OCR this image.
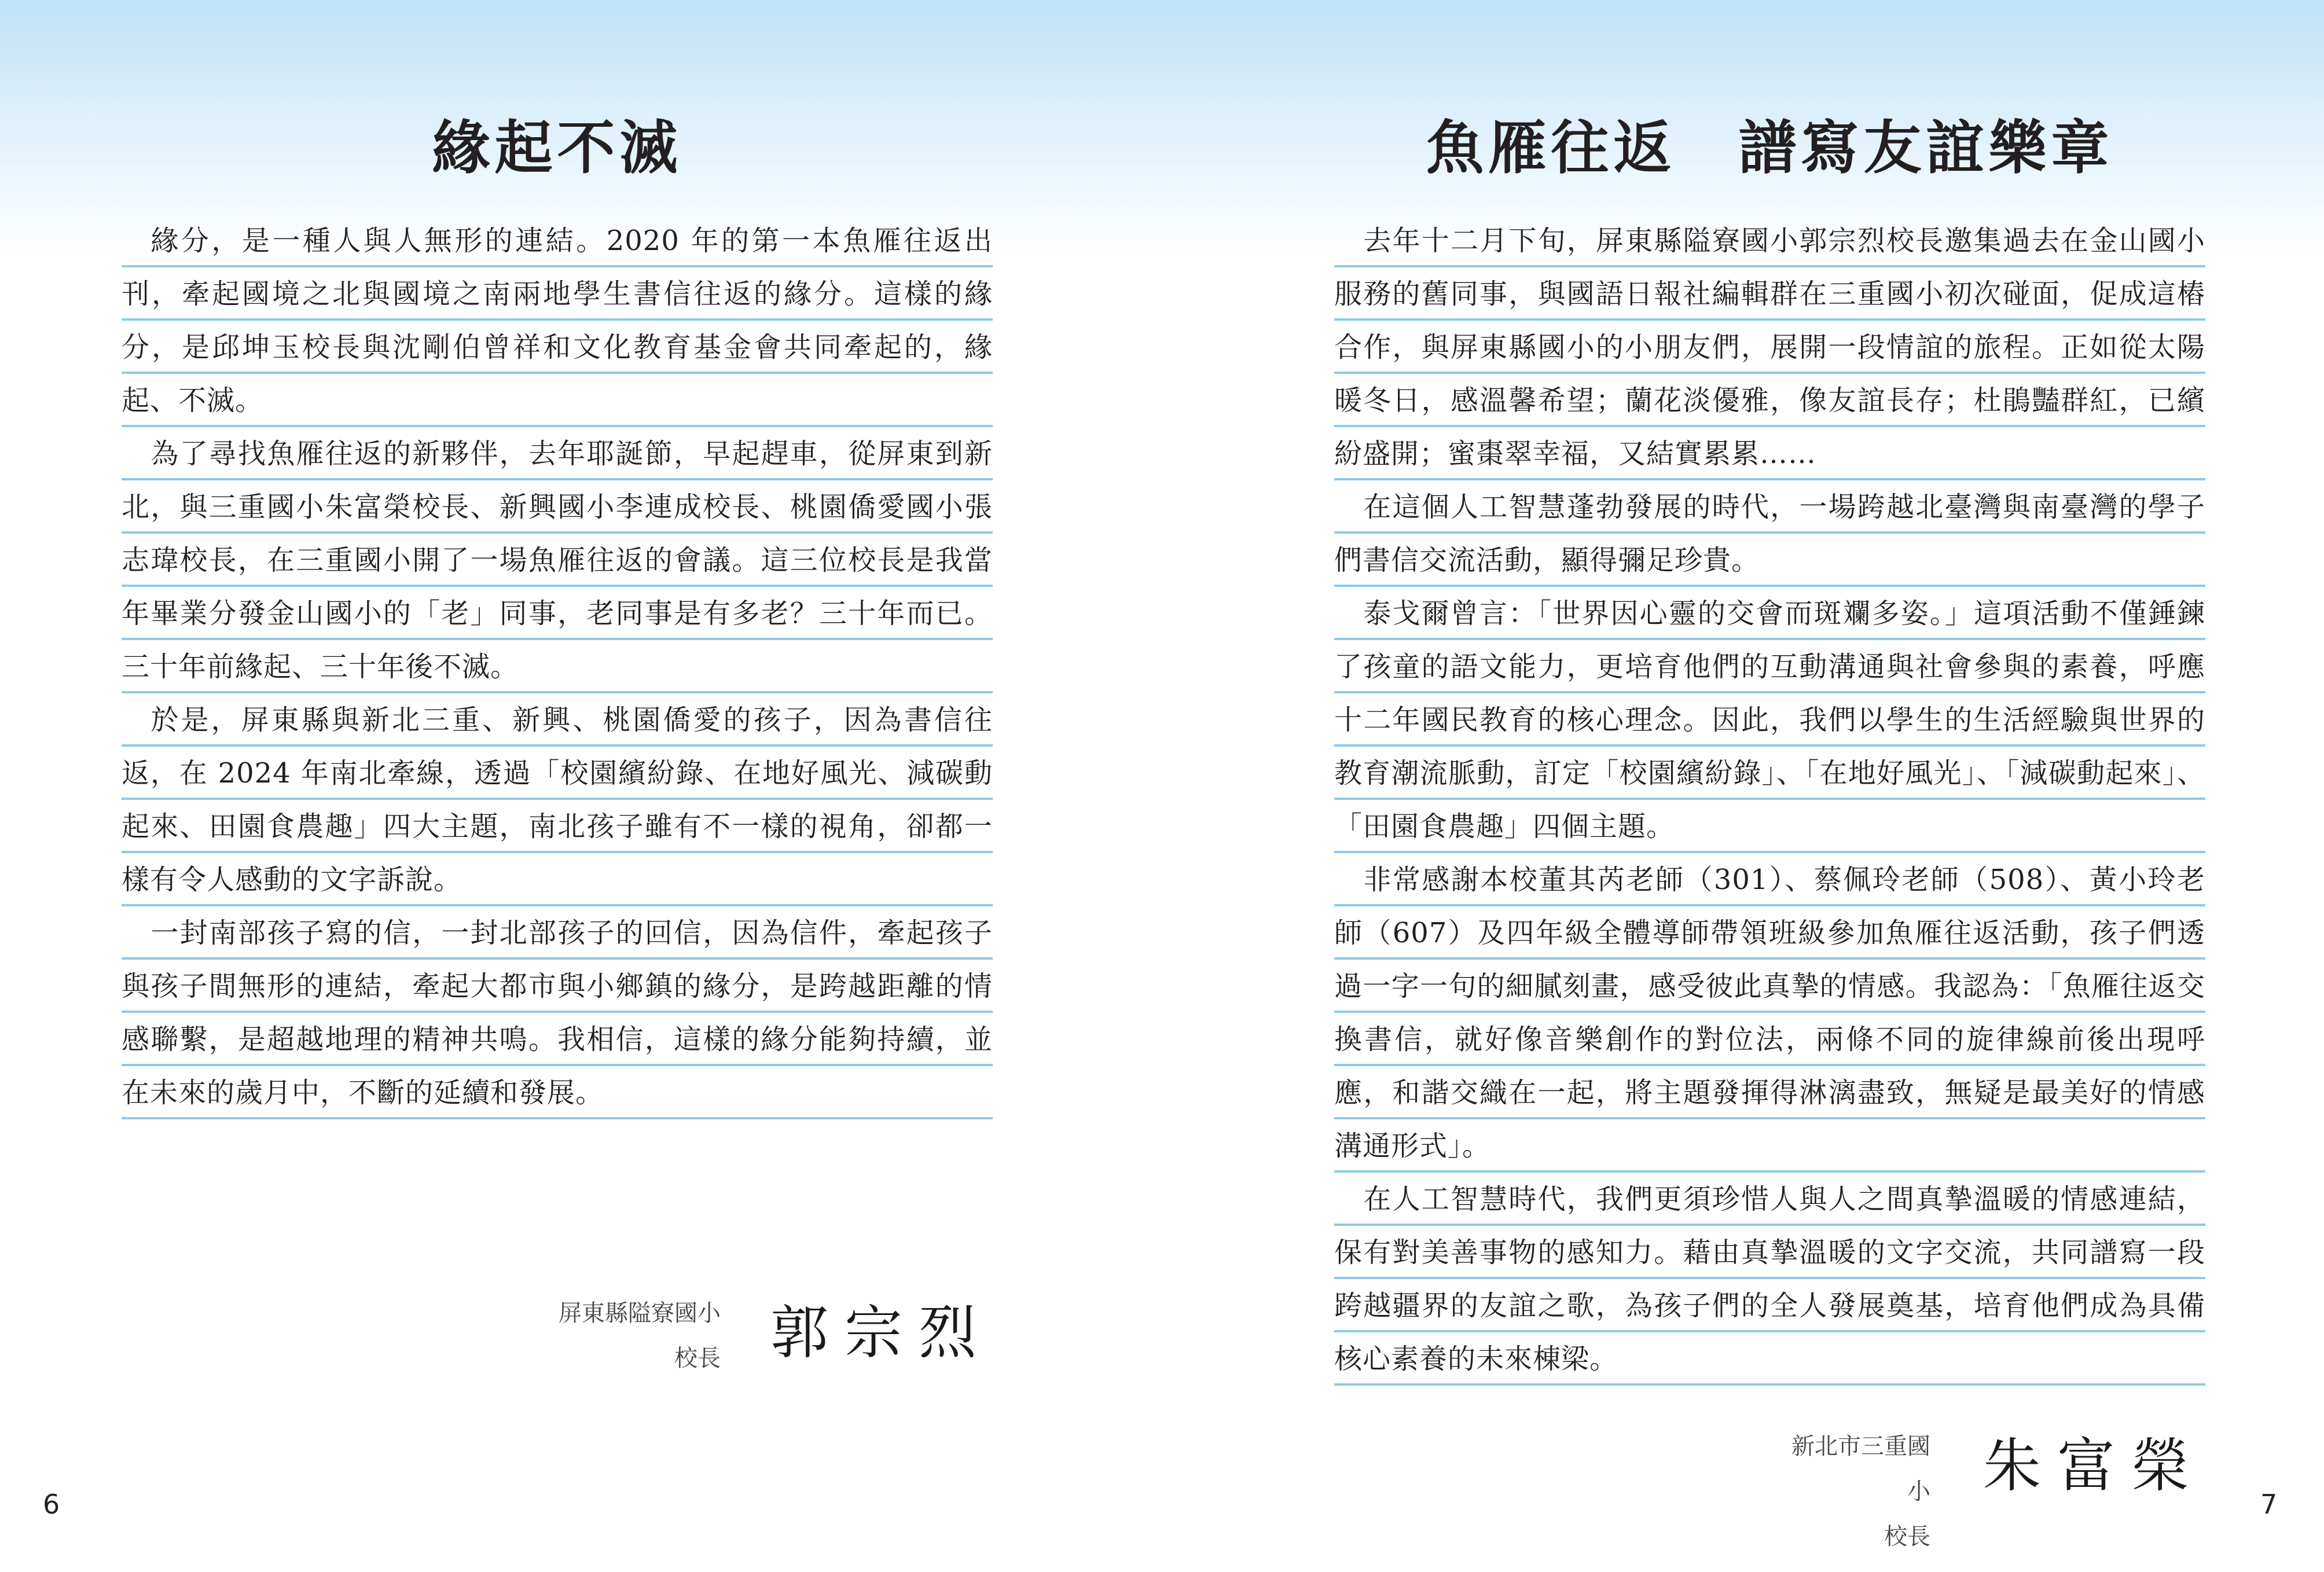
緣起不滅

緣分，是一種人與人無形的連結。2020 年的第一本魚雁往返出刊，牽起國境之北與國境之南兩地學生書信往返的緣分。這樣的緣分，是邱坤玉校長與沈剛伯曾祥和文化教育基金會共同牽起的，緣起、不滅。

為了尋找魚雁往返的新夥伴，去年耶誕節，早起趕車，從屏東到新北，與三重國小朱富榮校長、新興國小李連成校長、桃園僑愛國小張志瑋校長，在三重國小開了一場魚雁往返的會議。這三位校長是我當年畢業分發金山國小的「老」同事，老同事是有多老？三十年而已。三十年前緣起、三十年後不滅。

於是，屏東縣與新北三重、新興、桃園僑愛的孩子，因為書信往返，在 2024 年南北牽線，透過「校園繽紛錄、在地好風光、減碳動起來、田園食農趣」四大主題，南北孩子雖有不一樣的視角，卻都一樣有令人感動的文字訴說。

一封南部孩子寫的信，一封北部孩子的回信，因為信件，牽起孩子與孩子間無形的連結，牽起大都市與小鄉鎮的緣分，是跨越距離的情感聯繫，是超越地理的精神共鳴。我相信，這樣的緣分能夠持續，並在未來的歲月中，不斷的延續和發展。

屏東縣隘寮國小
校長 郭宗烈
6
魚雁往返　譜寫友誼樂章

去年十二月下旬，屏東縣隘寮國小郭宗烈校長邀集過去在金山國小服務的舊同事，與國語日報社編輯群在三重國小初次碰面，促成這樁合作，與屏東縣國小的小朋友們，展開一段情誼的旅程。正如從太陽暖冬日，感溫馨希望；蘭花淡優雅，像友誼長存；杜鵑豔群紅，已繽紛盛開；蜜棗翠幸福，又結實累累……

在這個人工智慧蓬勃發展的時代，一場跨越北臺灣與南臺灣的學子們書信交流活動，顯得彌足珍貴。

泰戈爾曾言：「世界因心靈的交會而斑斕多姿。」這項活動不僅錘鍊了孩童的語文能力，更培育他們的互動溝通與社會參與的素養，呼應十二年國民教育的核心理念。因此，我們以學生的生活經驗與世界的教育潮流脈動，訂定「校園繽紛錄」、「在地好風光」、「減碳動起來」、「田園食農趣」四個主題。

非常感謝本校董其芮老師（301）、蔡佩玲老師（508）、黃小玲老師（607）及四年級全體導師帶領班級參加魚雁往返活動，孩子們透過一字一句的細膩刻畫，感受彼此真摯的情感。我認為：「魚雁往返交換書信，就好像音樂創作的對位法，兩條不同的旋律線前後出現呼應，和諧交織在一起，將主題發揮得淋漓盡致，無疑是最美好的情感溝通形式」。

在人工智慧時代，我們更須珍惜人與人之間真摯溫暖的情感連結，保有對美善事物的感知力。藉由真摯溫暖的文字交流，共同譜寫一段跨越疆界的友誼之歌，為孩子們的全人發展奠基，培育他們成為具備核心素養的未來棟梁。

新北市三重國小
校長
朱富榮
7
